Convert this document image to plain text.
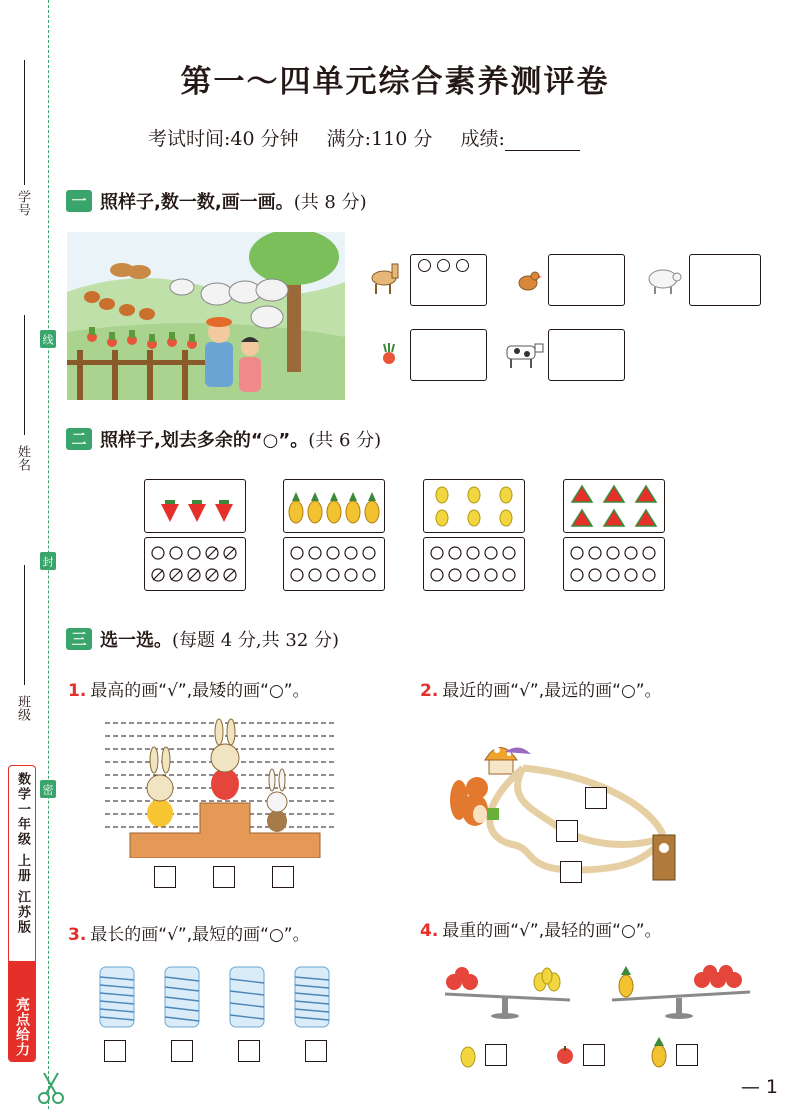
学号
线
姓名
封
班级
密
数学一年级 上册 江苏版
亮点给力
第一～四单元综合素养测评卷
考试时间:40 分钟 满分:110 分 成绩:
一 照样子,数一数,画一画。(共 8 分)
二 照样子,划去多余的“○”。(共 6 分)
三 选一选。(每题 4 分,共 32 分)
1. 最高的画“√”,最矮的画“○”。	2. 最近的画“√”,最远的画“○”。
3. 最长的画“√”,最短的画“○”。	4. 最重的画“√”,最轻的画“○”。
— 1
